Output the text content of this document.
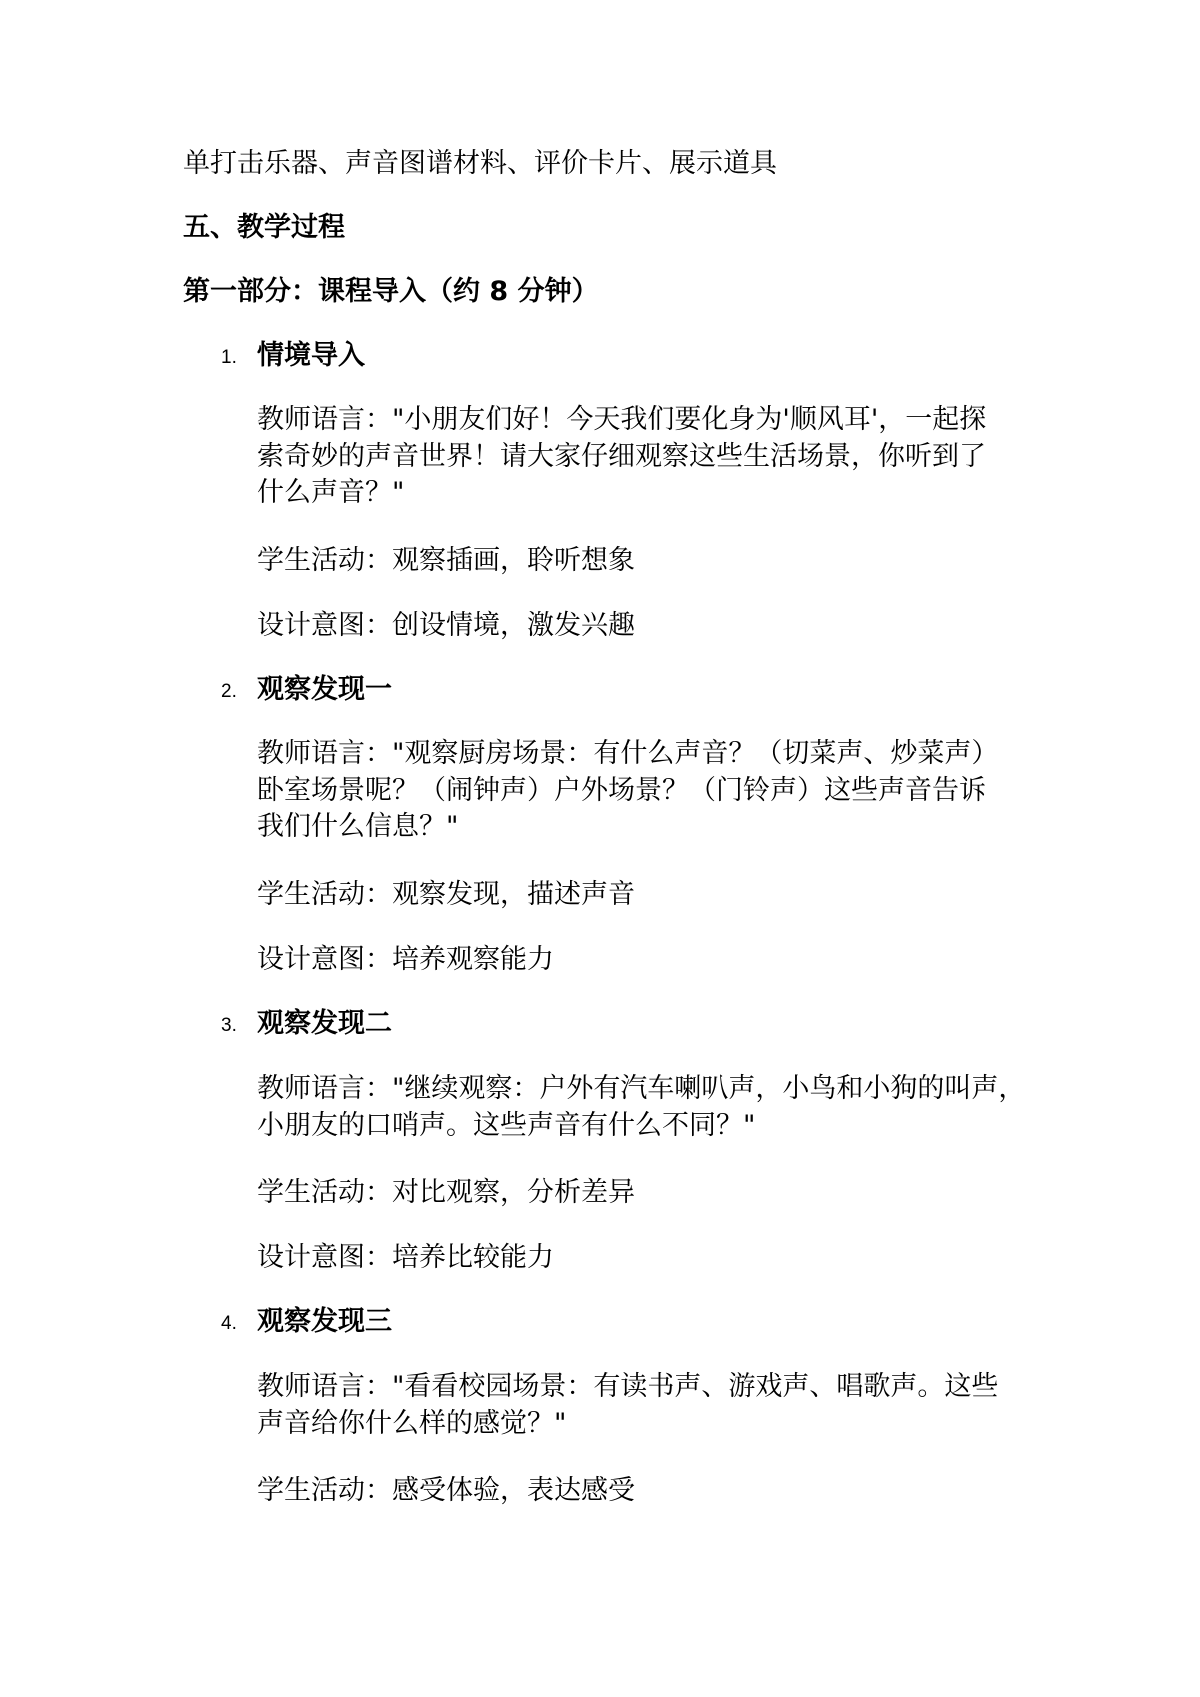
单打击乐器、声音图谱材料、评价卡片、展示道具
五、教学过程
第一部分：课程导入（约 8 分钟）
1. 情境导入
教师语言："小朋友们好！今天我们要化身为'顺风耳'，一起探
索奇妙的声音世界！请大家仔细观察这些生活场景，你听到了
什么声音？"
学生活动：观察插画，聆听想象
设计意图：创设情境，激发兴趣
2. 观察发现一
教师语言："观察厨房场景：有什么声音？（切菜声、炒菜声）
卧室场景呢？（闹钟声）户外场景？（门铃声）这些声音告诉
我们什么信息？"
学生活动：观察发现，描述声音
设计意图：培养观察能力
3. 观察发现二
教师语言："继续观察：户外有汽车喇叭声，小鸟和小狗的叫声，
小朋友的口哨声。这些声音有什么不同？"
学生活动：对比观察，分析差异
设计意图：培养比较能力
4. 观察发现三
教师语言："看看校园场景：有读书声、游戏声、唱歌声。这些
声音给你什么样的感觉？"
学生活动：感受体验，表达感受
